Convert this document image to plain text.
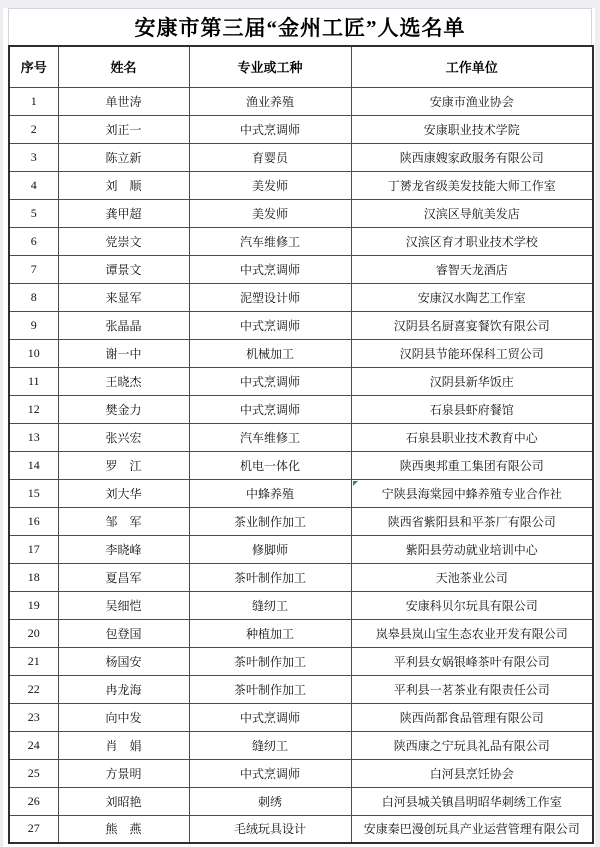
安康市第三届“金州工匠”人选名单
序号	姓名	专业或工种	工作单位
1	单世涛	渔业养殖	安康市渔业协会
2	刘正一	中式烹调师	安康职业技术学院
3	陈立新	育婴员	陕西康嫂家政服务有限公司
4	刘　顺	美发师	丁赟龙省级美发技能大师工作室
5	龚甲超	美发师	汉滨区导航美发店
6	党崇文	汽车维修工	汉滨区育才职业技术学校
7	谭景文	中式烹调师	睿智天龙酒店
8	来显军	泥塑设计师	安康汉水陶艺工作室
9	张晶晶	中式烹调师	汉阴县名厨喜宴餐饮有限公司
10	谢一中	机械加工	汉阴县节能环保科工贸公司
11	王晓杰	中式烹调师	汉阴县新华饭庄
12	樊金力	中式烹调师	石泉县虾府餐馆
13	张兴宏	汽车维修工	石泉县职业技术教育中心
14	罗　江	机电一体化	陕西奥邦重工集团有限公司
15	刘大华	中蜂养殖	宁陕县海棠园中蜂养殖专业合作社

16	邹　军	茶业制作加工	陕西省紫阳县和平茶厂有限公司
17	李晓峰	修脚师	紫阳县劳动就业培训中心
18	夏昌军	茶叶制作加工	天池茶业公司
19	吴细恺	缝纫工	安康科贝尔玩具有限公司
20	包登国	种植加工	岚皋县岚山宝生态农业开发有限公司
21	杨国安	茶叶制作加工	平利县女娲银峰茶叶有限公司
22	冉龙海	茶叶制作加工	平利县一茗茶业有限责任公司
23	向中发	中式烹调师	陕西尚都食品管理有限公司
24	肖　娟	缝纫工	陕西康之宁玩具礼品有限公司
25	方景明	中式烹调师	白河县烹饪协会
26	刘昭艳	刺绣	白河县城关镇昌明昭华刺绣工作室
27	熊　燕	毛绒玩具设计	安康秦巴漫创玩具产业运营管理有限公司
